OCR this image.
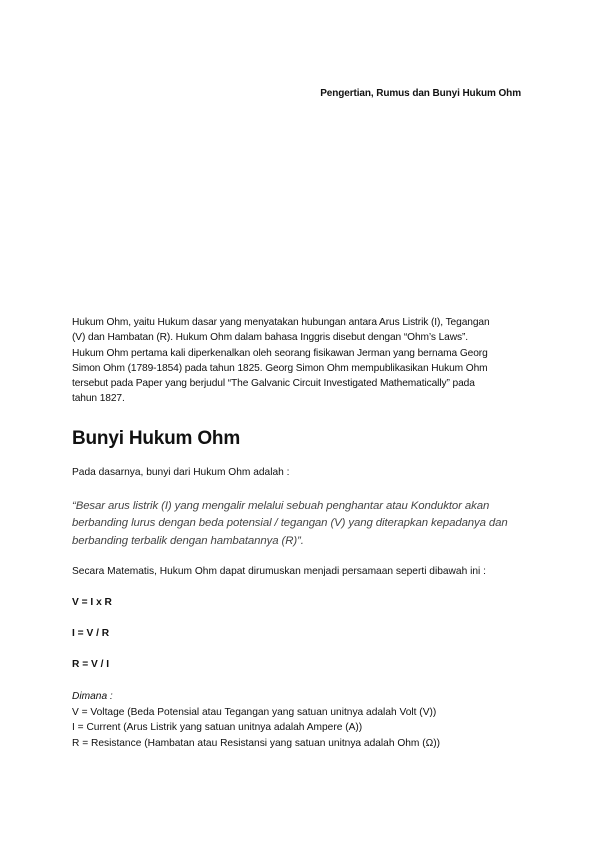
Pengertian, Rumus dan Bunyi Hukum Ohm

Hukum Ohm, yaitu Hukum dasar yang menyatakan hubungan antara Arus Listrik (I), Tegangan
(V) dan Hambatan (R). Hukum Ohm dalam bahasa Inggris disebut dengan “Ohm’s Laws”.
Hukum Ohm pertama kali diperkenalkan oleh seorang fisikawan Jerman yang bernama Georg
Simon Ohm (1789-1854) pada tahun 1825. Georg Simon Ohm mempublikasikan Hukum Ohm
tersebut pada Paper yang berjudul “The Galvanic Circuit Investigated Mathematically” pada
tahun 1827.

Bunyi Hukum Ohm

Pada dasarnya, bunyi dari Hukum Ohm adalah :

“Besar arus listrik (I) yang mengalir melalui sebuah penghantar atau Konduktor akan
berbanding lurus dengan beda potensial / tegangan (V) yang diterapkan kepadanya dan
berbanding terbalik dengan hambatannya (R)”.

Secara Matematis, Hukum Ohm dapat dirumuskan menjadi persamaan seperti dibawah ini :

V = I x R

I = V / R

R = V / I

Dimana :

V = Voltage (Beda Potensial atau Tegangan yang satuan unitnya adalah Volt (V))

I = Current (Arus Listrik yang satuan unitnya adalah Ampere (A))

R = Resistance (Hambatan atau Resistansi yang satuan unitnya adalah Ohm (Ω))
